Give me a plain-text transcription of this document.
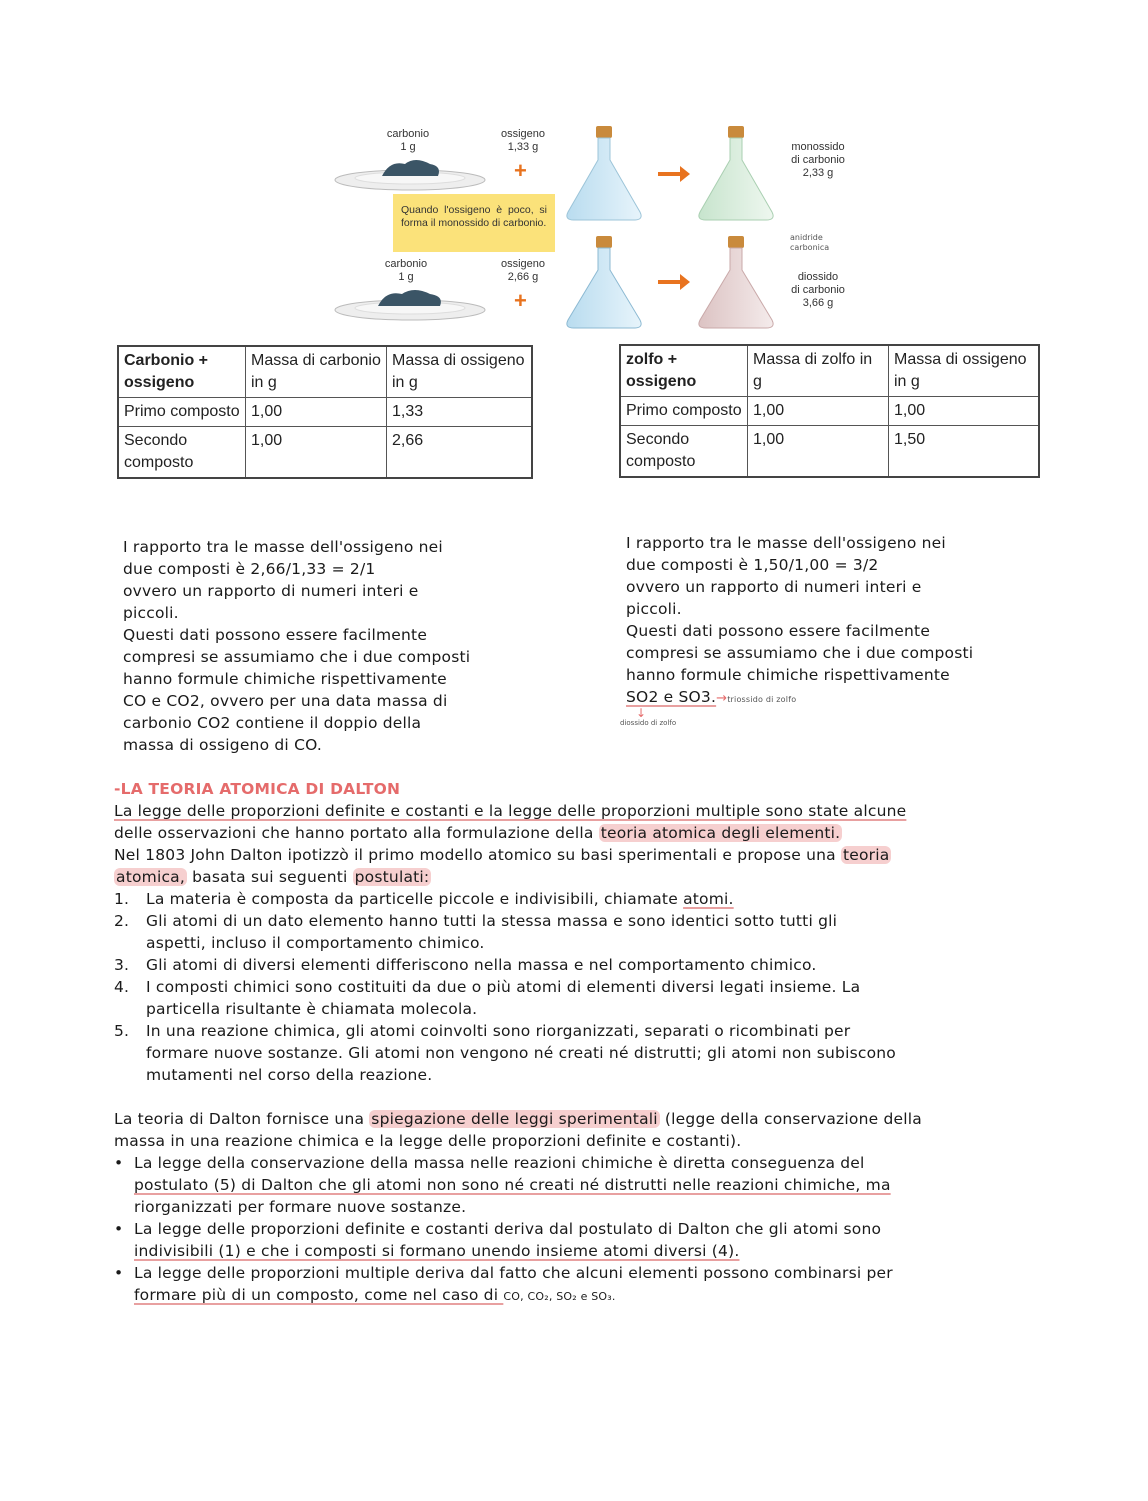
carbonio
1 g
ossigeno
1,33 g
+
Quando l'ossigeno è poco, si forma il monossido di carbonio.
carbonio
1 g
ossigeno
2,66 g
+

monossido
di carbonio
2,33 g

anidride
carbonica

diossido
di carbonio
3,66 g

Carbonio + ossigeno	Massa di carbonio in g	Massa di ossigeno in g
Primo composto	1,00	1,33
Secondo composto	1,00	2,66
zolfo + ossigeno	Massa di zolfo in g	Massa di ossigeno in g
Primo composto	1,00	1,00
Secondo composto	1,00	1,50

I rapporto tra le masse dell'ossigeno nei

due composti è 2,66/1,33 = 2/1

ovvero un rapporto di numeri interi e

piccoli.

Questi dati possono essere facilmente

compresi se assumiamo che i due composti

hanno formule chimiche rispettivamente

CO e CO2, ovvero per una data massa di

carbonio CO2 contiene il doppio della

massa di ossigeno di CO.

I rapporto tra le masse dell'ossigeno nei

due composti è 1,50/1,00 = 3/2

ovvero un rapporto di numeri interi e

piccoli.

Questi dati possono essere facilmente

compresi se assumiamo che i due composti

hanno formule chimiche rispettivamente

SO2 e SO3.→triossido di zolfo

↓
diossido di zolfo

-LA TEORIA ATOMICA DI DALTON

La legge delle proporzioni definite e costanti e la legge delle proporzioni multiple sono state alcune

delle osservazioni che hanno portato alla formulazione della teoria atomica degli elementi.

Nel 1803 John Dalton ipotizzò il primo modello atomico su basi sperimentali e propose una teoria

atomica, basata sui seguenti postulati:

1. La materia è composta da particelle piccole e indivisibili, chiamate atomi.
2. Gli atomi di un dato elemento hanno tutti la stessa massa e sono identici sotto tutti gli
aspetti, incluso il comportamento chimico.
3. Gli atomi di diversi elementi differiscono nella massa e nel comportamento chimico.
4. I composti chimici sono costituiti da due o più atomi di elementi diversi legati insieme. La
particella risultante è chiamata molecola.
5. In una reazione chimica, gli atomi coinvolti sono riorganizzati, separati o ricombinati per
formare nuove sostanze. Gli atomi non vengono né creati né distrutti; gli atomi non subiscono
mutamenti nel corso della reazione.

La teoria di Dalton fornisce una spiegazione delle leggi sperimentali (legge della conservazione della

massa in una reazione chimica e la legge delle proporzioni definite e costanti).

• La legge della conservazione della massa nelle reazioni chimiche è diretta conseguenza del
postulato (5) di Dalton che gli atomi non sono né creati né distrutti nelle reazioni chimiche, ma
riorganizzati per formare nuove sostanze.
• La legge delle proporzioni definite e costanti deriva dal postulato di Dalton che gli atomi sono
indivisibili (1) e che i composti si formano unendo insieme atomi diversi (4).
• La legge delle proporzioni multiple deriva dal fatto che alcuni elementi possono combinarsi per
formare più di un composto, come nel caso di CO, CO₂, SO₂ e SO₃.
